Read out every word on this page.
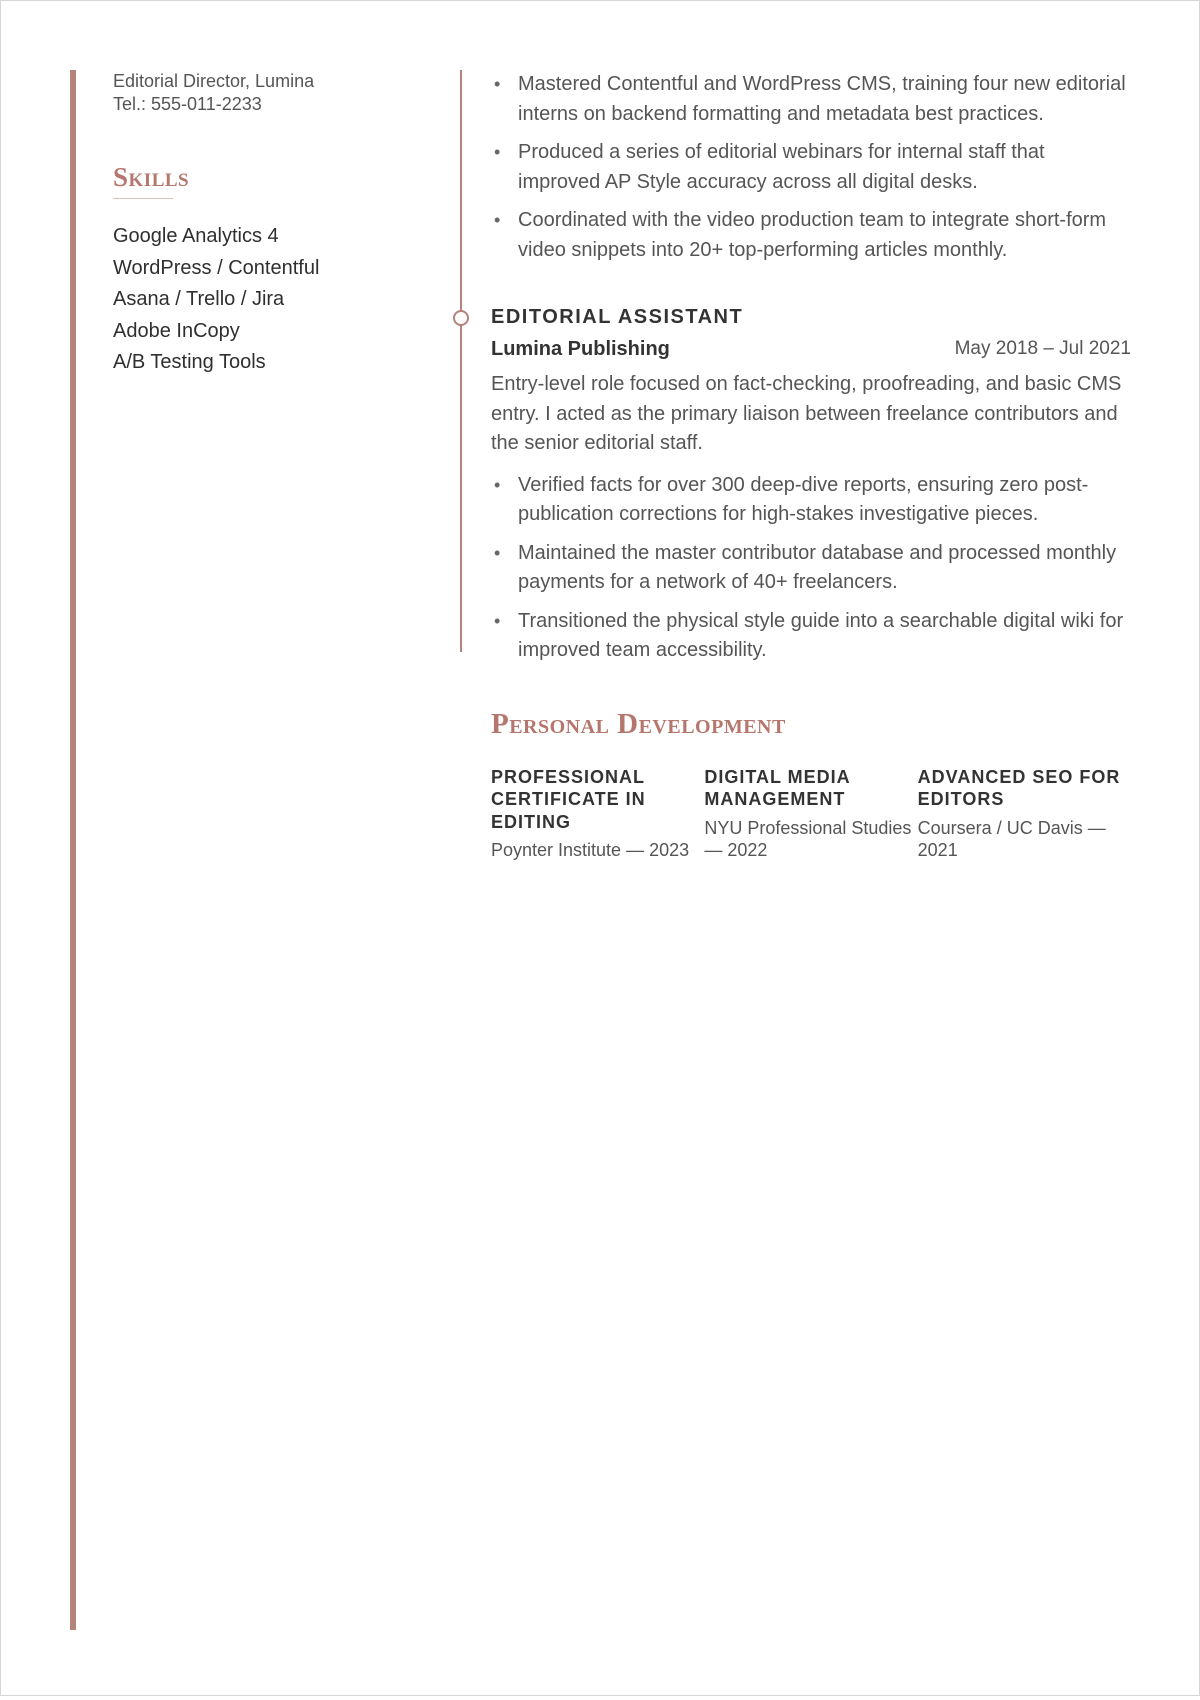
Editorial Director, Lumina

Tel.: 555-011-2233

Skills

Google Analytics 4

WordPress / Contentful

Asana / Trello / Jira

Adobe InCopy

A/B Testing Tools

• Mastered Contentful and WordPress CMS, training four new editorial interns on backend formatting and metadata best practices.
• Produced a series of editorial webinars for internal staff that improved AP Style accuracy across all digital desks.
• Coordinated with the video production team to integrate short-form video snippets into 20+ top-performing articles monthly.
EDITORIAL ASSISTANT
Lumina Publishing	May 2018 – Jul 2021

Entry-level role focused on fact-checking, proofreading, and basic CMS entry. I acted as the primary liaison between freelance contributors and the senior editorial staff.

• Verified facts for over 300 deep-dive reports, ensuring zero post-publication corrections for high-stakes investigative pieces.
• Maintained the master contributor database and processed monthly payments for a network of 40+ freelancers.
• Transitioned the physical style guide into a searchable digital wiki for improved team accessibility.
Personal Development

PROFESSIONAL CERTIFICATE IN EDITING

Poynter Institute — 2023

DIGITAL MEDIA MANAGEMENT

NYU Professional Studies — 2022

ADVANCED SEO FOR EDITORS

Coursera / UC Davis — 2021
